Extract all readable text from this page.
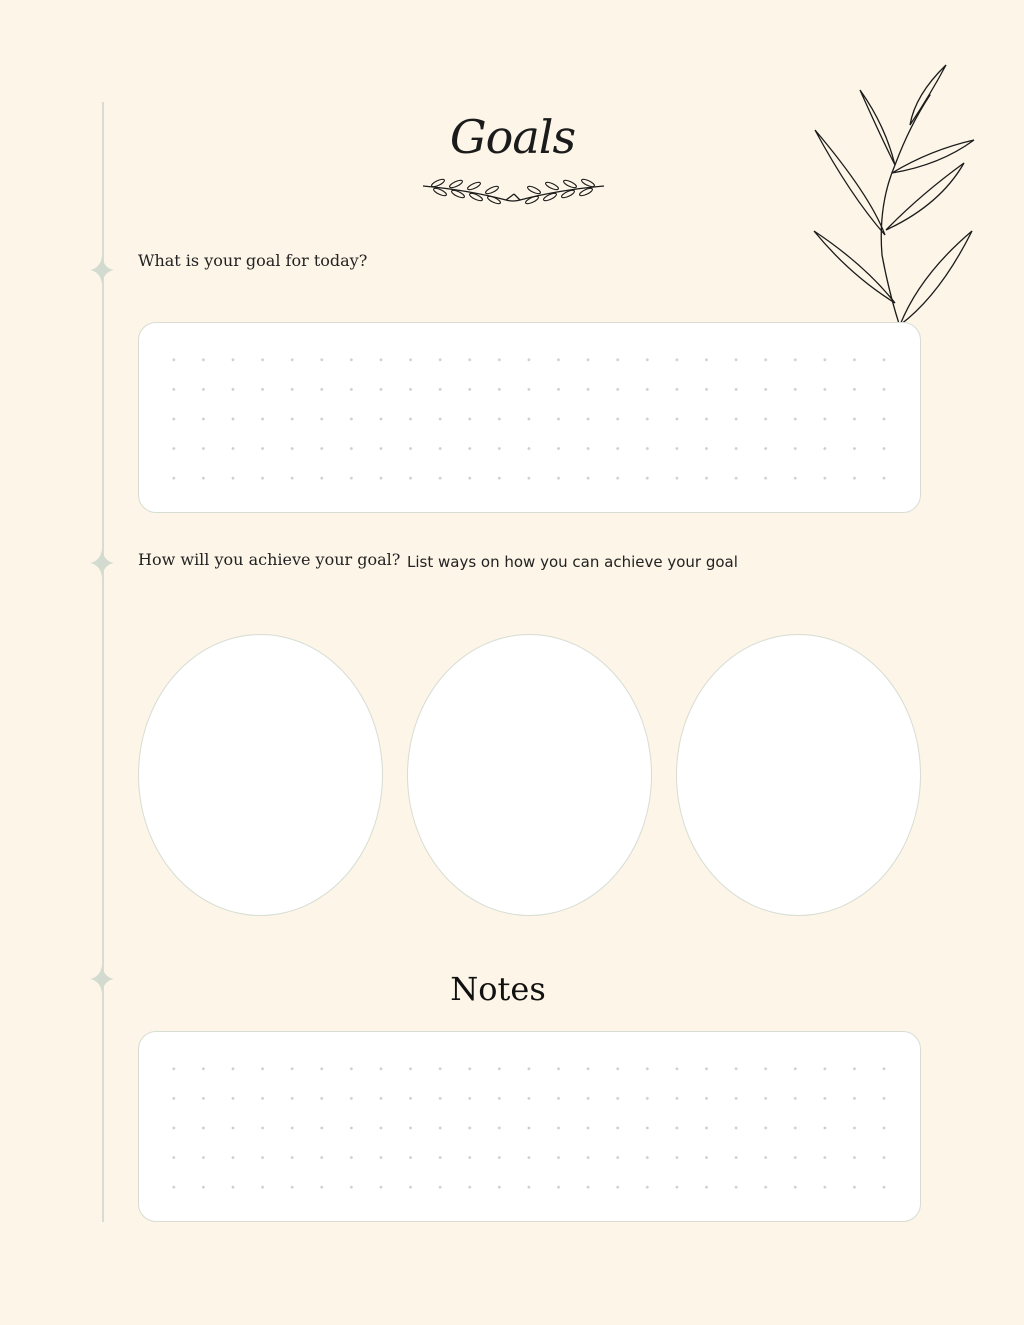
Goals
What is your goal for today?
How will you achieve your goal? List ways on how you can achieve your goal
Notes
